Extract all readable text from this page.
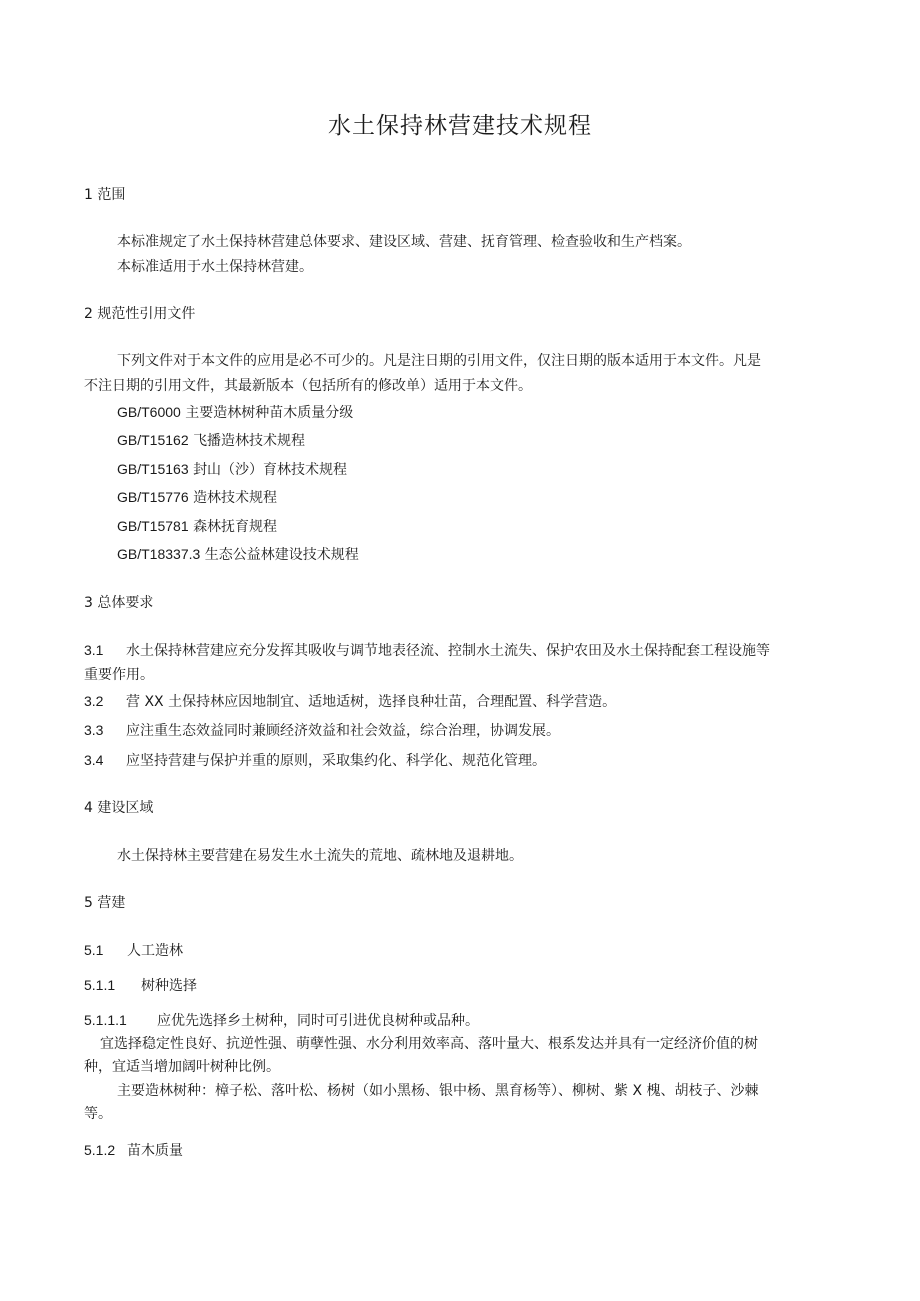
水土保持林营建技术规程

1 范围

本标准规定了水土保持林营建总体要求、建设区域、营建、抚育管理、检查验收和生产档案。

本标准适用于水土保持林营建。

2 规范性引用文件

下列文件对于本文件的应用是必不可少的。凡是注日期的引用文件，仅注日期的版本适用于本文件。凡是

不注日期的引用文件，其最新版本（包括所有的修改单）适用于本文件。

GB/T6000 主要造林树种苗木质量分级

GB/T15162 飞播造林技术规程

GB/T15163 封山（沙）育林技术规程

GB/T15776 造林技术规程

GB/T15781 森林抚育规程

GB/T18337.3 生态公益林建设技术规程

3 总体要求

3.1 水土保持林营建应充分发挥其吸收与调节地表径流、控制水土流失、保护农田及水土保持配套工程设施等

重要作用。

3.2 营 XX 土保持林应因地制宜、适地适树，选择良种壮苗，合理配置、科学营造。

3.3 应注重生态效益同时兼顾经济效益和社会效益，综合治理，协调发展。

3.4 应坚持营建与保护并重的原则，采取集约化、科学化、规范化管理。

4 建设区域

水土保持林主要营建在易发生水土流失的荒地、疏林地及退耕地。

5 营建

5.1 人工造林

5.1.1 树种选择

5.1.1.1 应优先选择乡土树种，同时可引进优良树种或品种。

宜选择稳定性良好、抗逆性强、萌孽性强、水分利用效率高、落叶量大、根系发达并具有一定经济价值的树

种，宜适当增加阔叶树种比例。

主要造林树种：樟子松、落叶松、杨树（如小黑杨、银中杨、黑育杨等）、柳树、紫 X 槐、胡枝子、沙棘

等。

5.1.2 苗木质量
